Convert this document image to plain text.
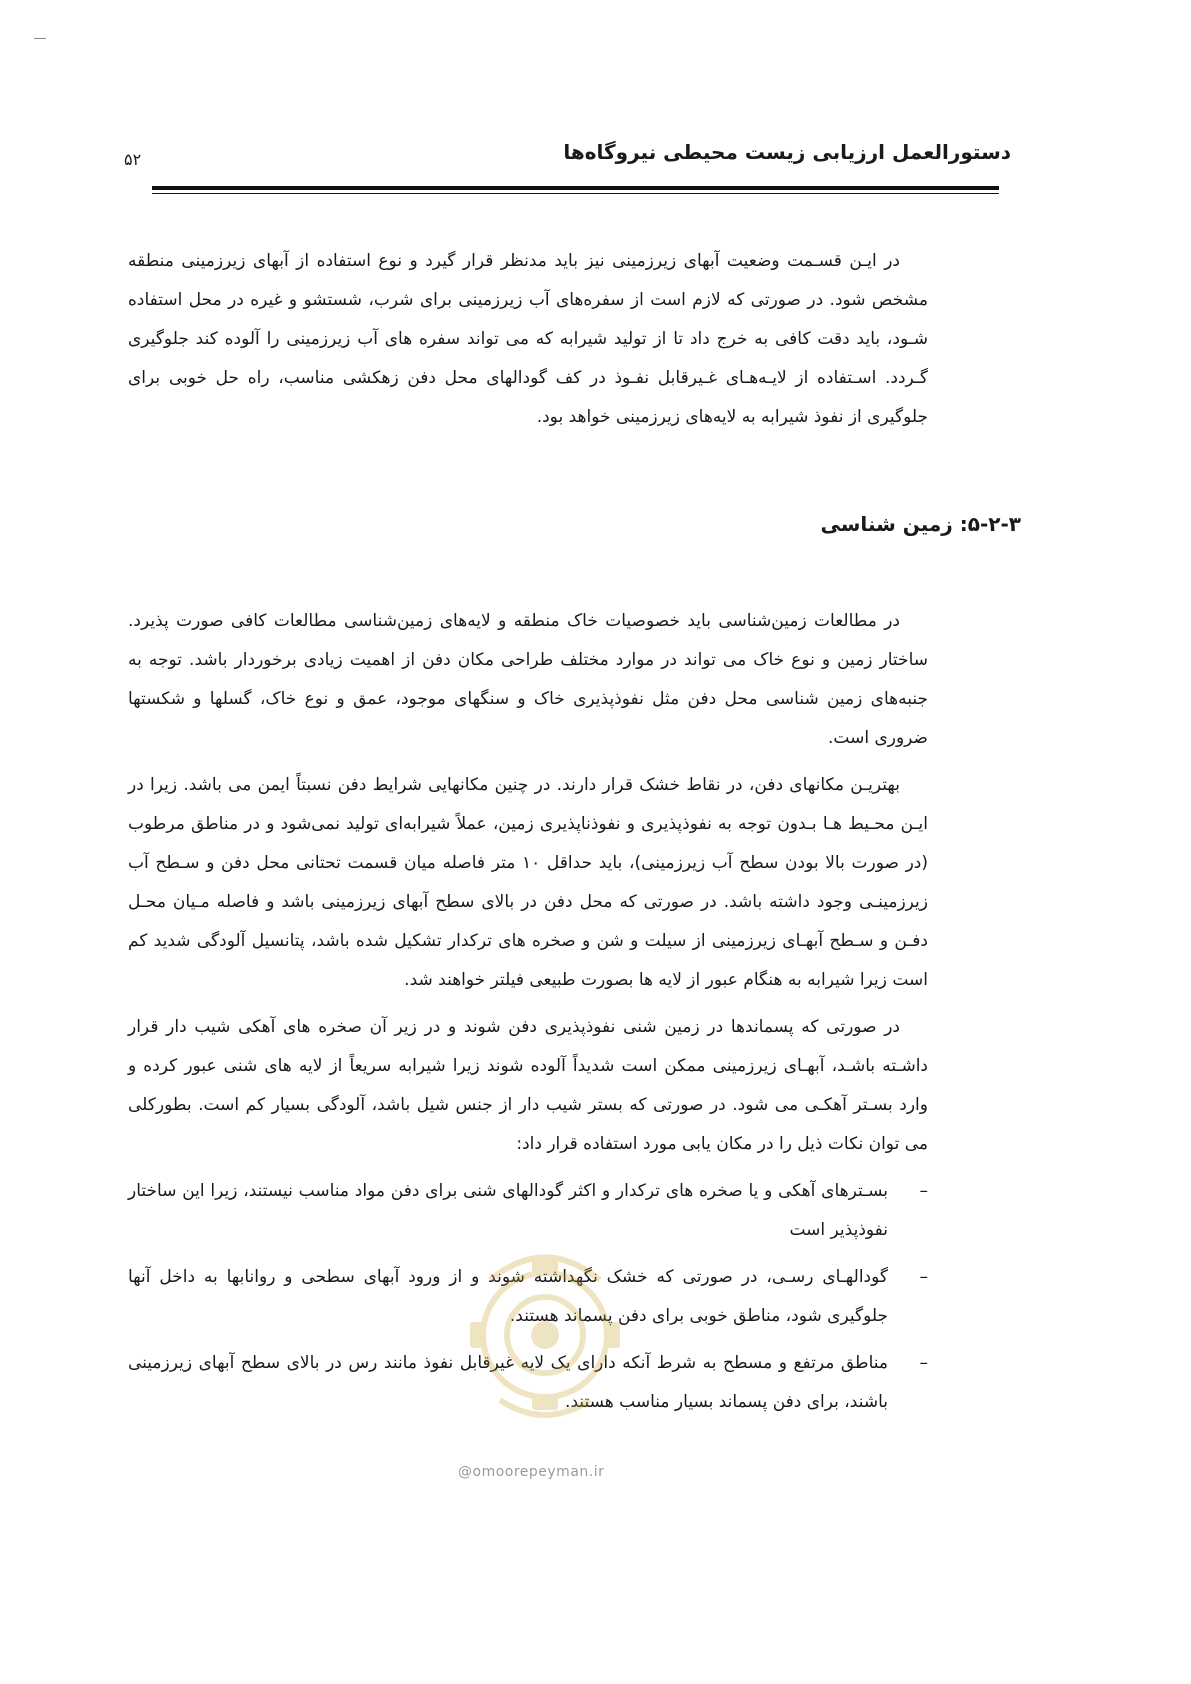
دستورالعمل ارزیابی زیست محیطی نیروگاه‌ها
۵۲

در ایـن قسـمت وضعیت آبهای زیرزمینی نیز باید مدنظر قرار گیرد و نوع استفاده از آبهای زیرزمینی منطقه مشخص شود. در صورتی که لازم است از سفره‌های آب زیرزمینی برای شرب، شستشو و غیره در محل استفاده شـود، باید دقت کافی به خرج داد تا از تولید شیرابه که می تواند سفره های آب زیرزمینی را آلوده کند جلوگیری گـردد. اسـتفاده از لایـه‌هـای غـیرقابل نفـوذ در کف گودالهای محل دفن زهکشی مناسب، راه حل خوبی برای جلوگیری از نفوذ شیرابه به لایه‌های زیرزمینی خواهد بود.

۵-۲-۳: زمین شناسی

در مطالعات زمین‌شناسی باید خصوصیات خاک منطقه و لایه‌های زمین‌شناسی مطالعات کافی صورت پذیرد. ساختار زمین و نوع خاک می تواند در موارد مختلف طراحی مکان دفن از اهمیت زیادی برخوردار باشد. توجه به جنبه‌های زمین شناسی محل دفن مثل نفوذپذیری خاک و سنگهای موجود، عمق و نوع خاک، گسلها و شکستها ضروری است.

بهتریـن مکانهای دفن، در نقاط خشک قرار دارند. در چنین مکانهایی شرایط دفن نسبتاً ایمن می باشد. زیرا در ایـن محـیط هـا بـدون توجه به نفوذپذیری و نفوذناپذیری زمین، عملاً شیرابه‌ای تولید نمی‌شود و در مناطق مرطوب (در صورت بالا بودن سطح آب زیرزمینی)، باید حداقل ۱۰ متر فاصله میان قسمت تحتانی محل دفن و سـطح آب زیرزمینـی وجود داشته باشد. در صورتی که محل دفن در بالای سطح آبهای زیرزمینی باشد و فاصله مـیان محـل دفـن و سـطح آبهـای زیرزمینی از سیلت و شن و صخره های ترکدار تشکیل شده باشد، پتانسیل آلودگی شدید کم است زیرا شیرابه به هنگام عبور از لایه ها بصورت طبیعی فیلتر خواهند شد.

در صورتی که پسماندها در زمین شنی نفوذپذیری دفن شوند و در زیر آن صخره های آهکی شیب دار قرار داشـته باشـد، آبهـای زیرزمینی ممکن است شدیداً آلوده شوند زیرا شیرابه سریعاً از لایه های شنی عبور کرده و وارد بسـتر آهکـی می شود. در صورتی که بستر شیب دار از جنس شیل باشد، آلودگی بسیار کم است. بطورکلی می توان نکات ذیل را در مکان یابی مورد استفاده قرار داد:

–
بسـترهای آهکی و یا صخره های ترکدار و اکثر گودالهای شنی برای دفن مواد مناسب نیستند، زیرا این ساختار نفوذپذیر است
–
گودالهـای رسـی، در صورتی که خشک نگهداشته شوند و از ورود آبهای سطحی و روانابها به داخل آنها جلوگیری شود، مناطق خوبی برای دفن پسماند هستند.
–
مناطق مرتفع و مسطح به شرط آنکه دارای یک لایه غیرقابل نفوذ مانند رس در بالای سطح آبهای زیرزمینی باشند، برای دفن پسماند بسیار مناسب هستند.
@omoorepeyman.ir
